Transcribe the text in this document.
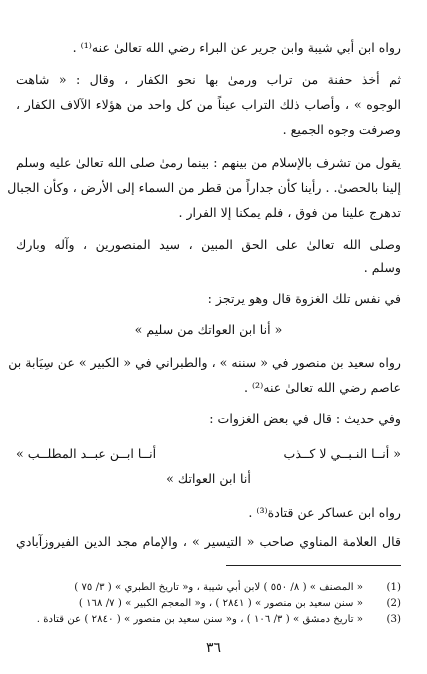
رواه ابن أبي شيبة وابن جرير عن البراء رضي الله تعالىٰ عنه⁽¹⁾ .
ثم أخذ حفنة من تراب ورمىٰ بها نحو الكفار ، وقال : « شاهت
الوجوه » ، وأصاب ذلك التراب عيناً من كل واحد من هؤلاء الآلاف الكفار ،
وصرفت وجوه الجميع .
يقول من تشرف بالإسلام من بينهم : بينما رمىٰ صلى الله تعالىٰ عليه وسلم
إلينا بالحصىٰ. . رأينا كأن جداراً من قطر من السماء إلى الأرض ، وكأن الجبال
تدهرج علينا من فوق ، فلم يمكنا إلا الفرار .
وصلى الله تعالىٰ على الحق المبين ، سيد المنصورين ، وآله وبارك
وسلم .
في نفس تلك الغزوة قال وهو يرتجز :
« أنا ابن العواتك من سليم »
رواه سعيد بن منصور في « سننه » ، والطبراني في « الكبير » عن سِيَابة بن
عاصم رضي الله تعالىٰ عنه⁽²⁾ .
وفي حديث : قال في بعض الغزوات :
« أنــا النـبــي لا كــذب
أنــا ابــن عبــد المطلــب »
أنا ابن العواتك »
رواه ابن عساكر عن قتادة⁽³⁾ .
قال العلامة المناوي صاحب « التيسير » ، والإمام مجد الدين الفيروزآبادي
(1)
« المصنف » ( ٨/ ٥٥٠ ) لابن أبي شيبة ، و« تاريخ الطبري » ( ٣/ ٧٥ )
(2)
« سنن سعيد بن منصور » ( ٢٨٤١ ) ، و« المعجم الكبير » ( ٧/ ١٦٨ )
(3)
« تاريخ دمشق » ( ٣/ ١٠٦ ) ، و« سنن سعيد بن منصور » ( ٢٨٤٠ ) عن قتادة .
٣٦
